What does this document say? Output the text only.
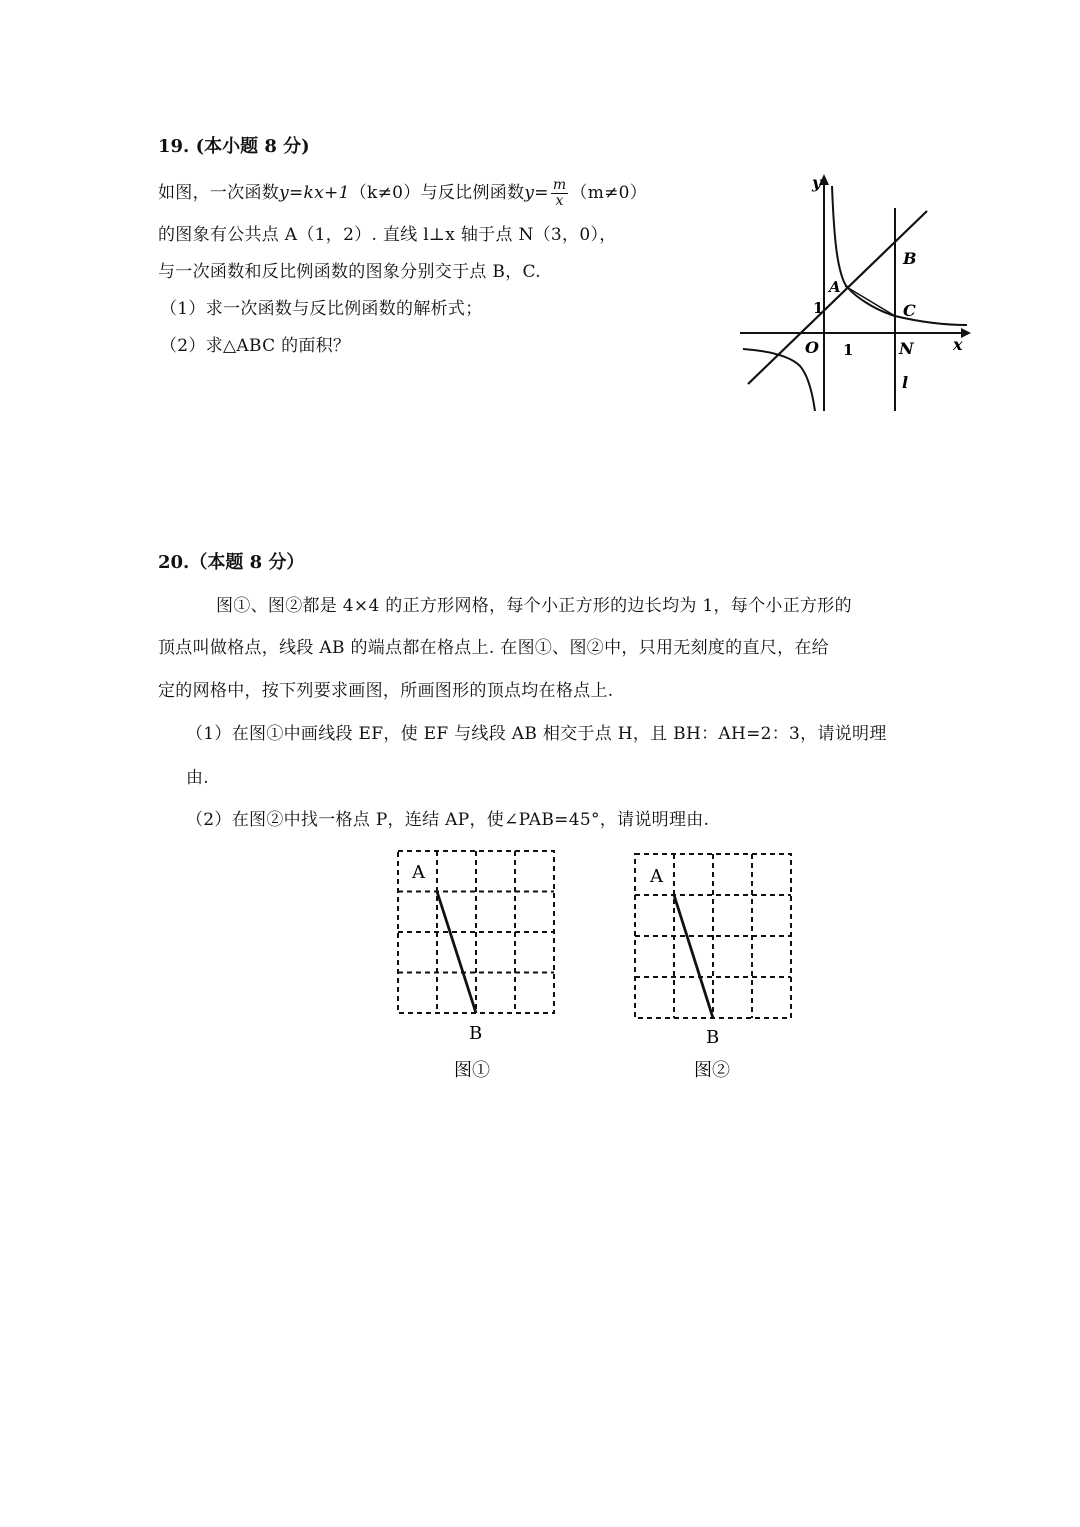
19. (本小题 8 分)
如图，一次函数y=kx+1（k≠0）与反比例函数$y= \frac{m}{x} (m\ne 0)$
的图象有公共点 A（1，2）. 直线 l⊥x 轴于点 N（3，0），
与一次函数和反比例函数的图象分别交于点 B，C.
（1）求一次函数与反比例函数的解析式；
（2）求△ABC 的面积？
y
x
O 1
1
A
B
C
N
l
20.（本题 8 分）
图①、图②都是 4×4 的正方形网格，每个小正方形的边长均为 1，每个小正方形的
顶点叫做格点，线段 AB 的端点都在格点上. 在图①、图②中，只用无刻度的直尺，在给
定的网格中，按下列要求画图，所画图形的顶点均在格点上.
（1）在图①中画线段 EF，使 EF 与线段 AB 相交于点 H，且 BH：AH=2：3，请说明理
由.
（2）在图②中找一格点 P，连结 AP，使∠PAB=45°，请说明理由.
A
B
图①
A
B
图②
